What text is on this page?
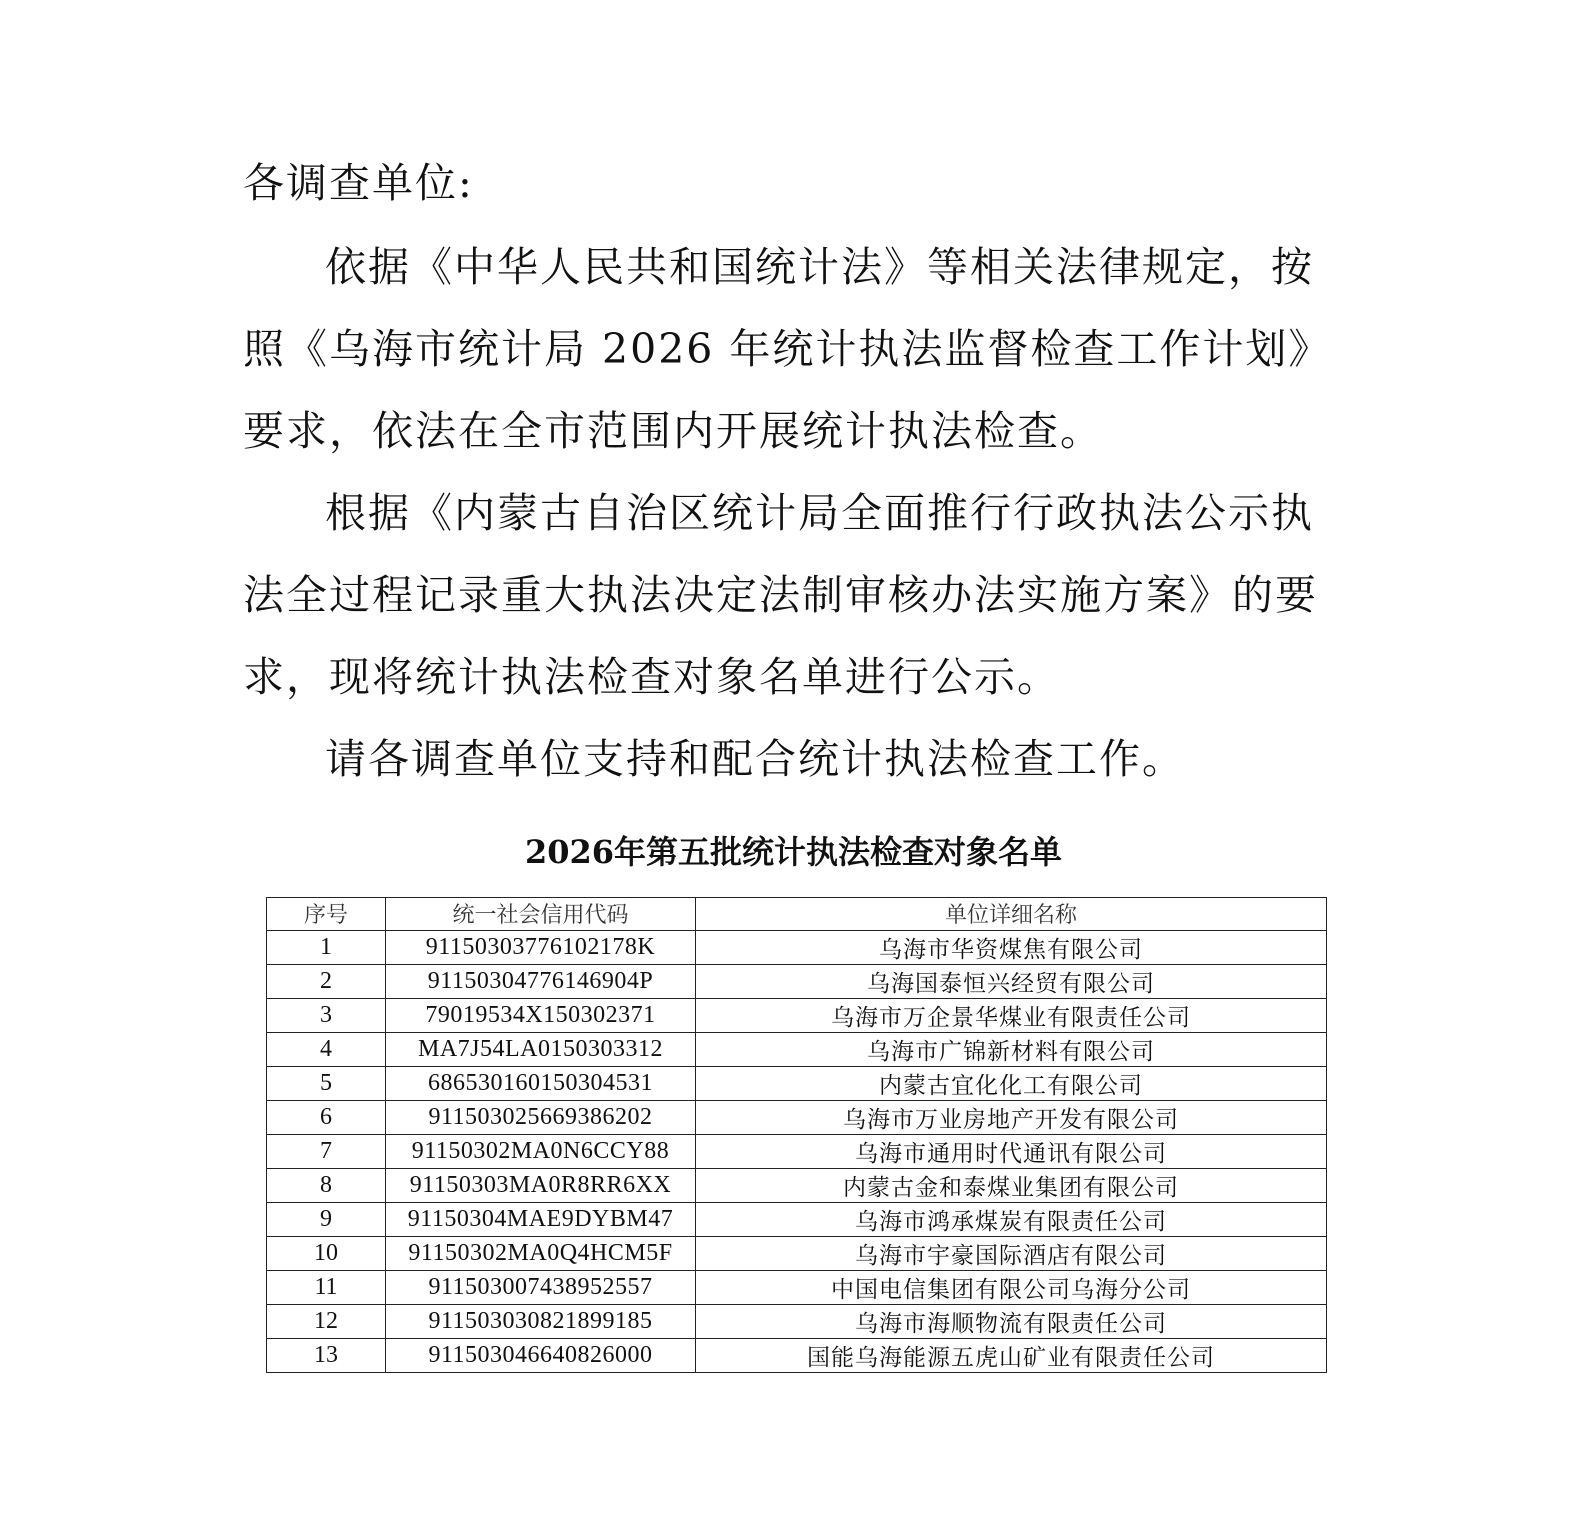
各调查单位:

依据《中华人民共和国统计法》等相关法律规定，按照《乌海市统计局 2026 年统计执法监督检查工作计划》要求，依法在全市范围内开展统计执法检查。

根据《内蒙古自治区统计局全面推行行政执法公示执法全过程记录重大执法决定法制审核办法实施方案》的要求，现将统计执法检查对象名单进行公示。

请各调查单位支持和配合统计执法检查工作。

2026年第五批统计执法检查对象名单
序号	统一社会信用代码	单位详细名称
1	91150303776102178K	乌海市华资煤焦有限公司
2	91150304776146904P	乌海国泰恒兴经贸有限公司
3	79019534X150302371	乌海市万企景华煤业有限责任公司
4	MA7J54LA0150303312	乌海市广锦新材料有限公司
5	686530160150304531	内蒙古宜化化工有限公司
6	911503025669386202	乌海市万业房地产开发有限公司
7	91150302MA0N6CCY88	乌海市通用时代通讯有限公司
8	91150303MA0R8RR6XX	内蒙古金和泰煤业集团有限公司
9	91150304MAE9DYBM47	乌海市鸿承煤炭有限责任公司
10	91150302MA0Q4HCM5F	乌海市宇豪国际酒店有限公司
11	911503007438952557	中国电信集团有限公司乌海分公司
12	911503030821899185	乌海市海顺物流有限责任公司
13	911503046640826000	国能乌海能源五虎山矿业有限责任公司
